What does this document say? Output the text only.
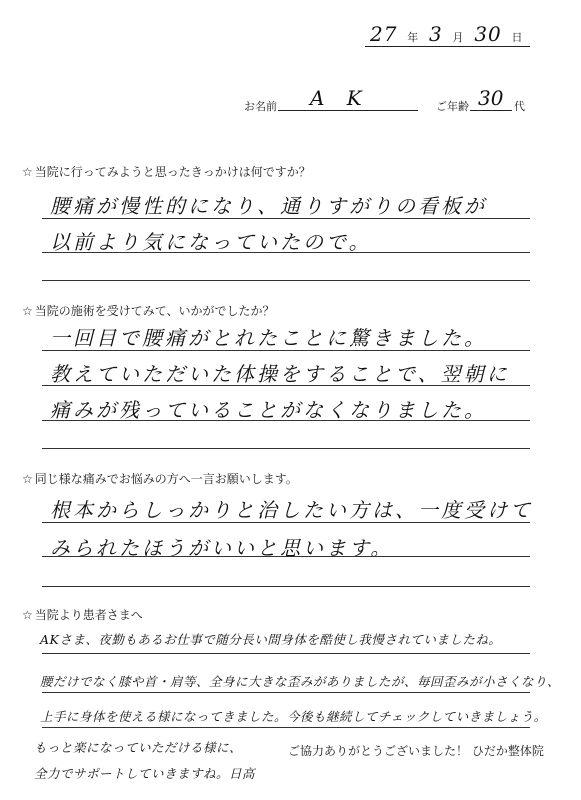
27 年 3 月 30 日
お名前 A K	ご年齢 30 代
☆ 当院に行ってみようと思ったきっかけは何ですか？
腰痛が慢性的になり、通りすがりの看板が
以前より気になっていたので。
☆ 当院の施術を受けてみて、いかがでしたか？
一回目で腰痛がとれたことに驚きました。
教えていただいた体操をすることで、翌朝に
痛みが残っていることがなくなりました。
☆ 同じ様な痛みでお悩みの方へ一言お願いします。
根本からしっかりと治したい方は、一度受けて
みられたほうがいいと思います。
☆ 当院より患者さまへ
AKさま、夜勤もあるお仕事で随分長い間身体を酷使し我慢されていましたね。
腰だけでなく膝や首・肩等、全身に大きな歪みがありましたが、毎回歪みが小さくなり、
上手に身体を使える様になってきました。今後も継続してチェックしていきましょう。
もっと楽になっていただける様に、
全力でサポートしていきますね。日高
ご協力ありがとうございました！ ひだか整体院
